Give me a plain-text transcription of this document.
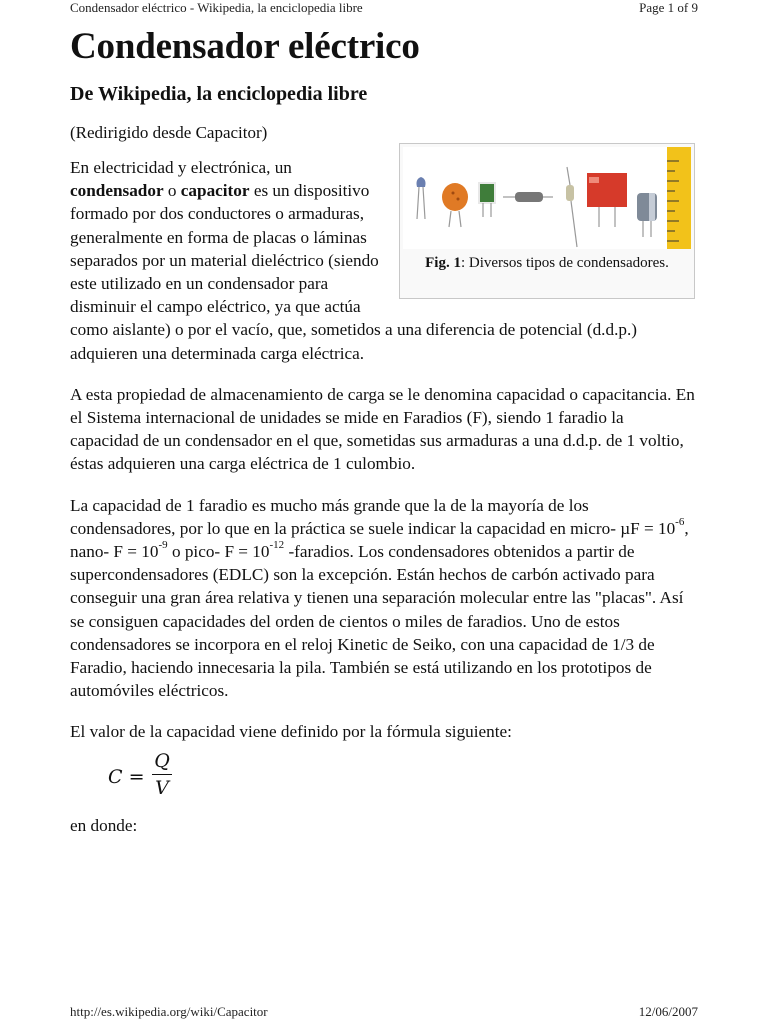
Condensador eléctrico - Wikipedia, la enciclopedia libre	Page 1 of 9
Condensador eléctrico
De Wikipedia, la enciclopedia libre
(Redirigido desde Capacitor)
Fig. 1: Diversos tipos de condensadores.

En electricidad y electrónica, un condensador o capacitor es un dispositivo formado por dos conductores o armaduras, generalmente en forma de placas o láminas separados por un material dieléctrico (siendo este utilizado en un condensador para disminuir el campo eléctrico, ya que actúa como aislante) o por el vacío, que, sometidos a una diferencia de potencial (d.d.p.) adquieren una determinada carga eléctrica.

A esta propiedad de almacenamiento de carga se le denomina capacidad o capacitancia. En el Sistema internacional de unidades se mide en Faradios (F), siendo 1 faradio la capacidad de un condensador en el que, sometidas sus armaduras a una d.d.p. de 1 voltio, éstas adquieren una carga eléctrica de 1 culombio.

La capacidad de 1 faradio es mucho más grande que la de la mayoría de los condensadores, por lo que en la práctica se suele indicar la capacidad en micro- $\mu F = 10^{-6}$, nano- $F = 10^{-9}$ o pico- $F = 10^{-12}$ -faradios. Los condensadores obtenidos a partir de supercondensadores (EDLC) son la excepción. Están hechos de carbón activado para conseguir una gran área relativa y tienen una separación molecular entre las "placas". Así se consiguen capacidades del orden de cientos o miles de faradios. Uno de estos condensadores se incorpora en el reloj Kinetic de Seiko, con una capacidad de 1/3 de Faradio, haciendo innecesaria la pila. También se está utilizando en los prototipos de automóviles eléctricos.

El valor de la capacidad viene definido por la fórmula siguiente:

C =
Q
V

en donde:

http://es.wikipedia.org/wiki/Capacitor	12/06/2007
